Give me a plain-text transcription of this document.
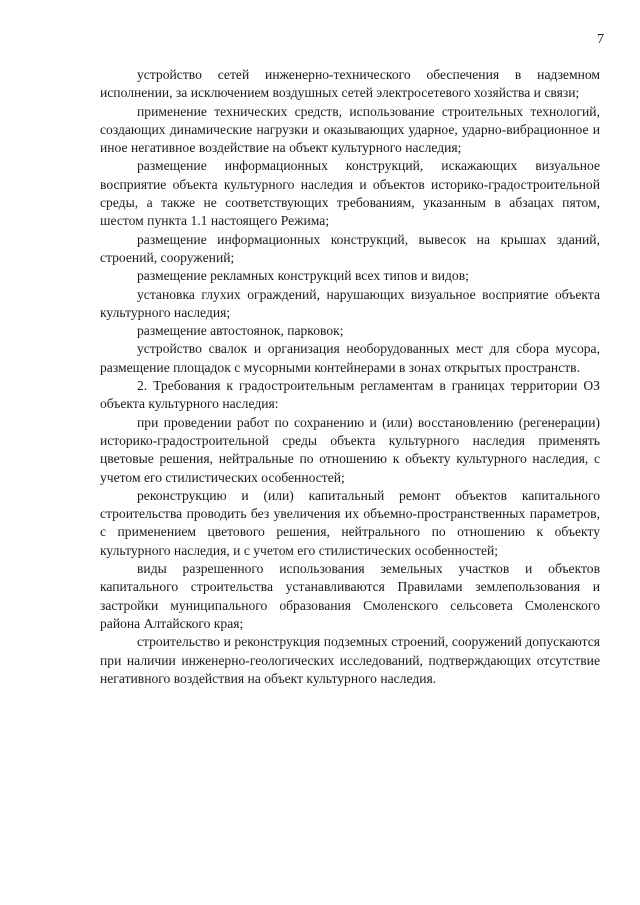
7

устройство сетей инженерно-технического обеспечения в надземном исполнении, за исключением воздушных сетей электросетевого хозяйства и связи;

применение технических средств, использование строительных технологий, создающих динамические нагрузки и оказывающих ударное, ударно-вибрационное и иное негативное воздействие на объект культурного наследия;

размещение информационных конструкций, искажающих визуальное восприятие объекта культурного наследия и объектов историко-градостроительной среды, а также не соответствующих требованиям, указанным в абзацах пятом, шестом пункта 1.1 настоящего Режима;

размещение информационных конструкций, вывесок на крышах зданий, строений, сооружений;

размещение рекламных конструкций всех типов и видов;

установка глухих ограждений, нарушающих визуальное восприятие объекта культурного наследия;

размещение автостоянок, парковок;

устройство свалок и организация необорудованных мест для сбора мусора, размещение площадок с мусорными контейнерами в зонах открытых пространств.

2. Требования к градостроительным регламентам в границах территории ОЗ объекта культурного наследия:

при проведении работ по сохранению и (или) восстановлению (регенерации) историко-градостроительной среды объекта культурного наследия применять цветовые решения, нейтральные по отношению к объекту культурного наследия, с учетом его стилистических особенностей;

реконструкцию и (или) капитальный ремонт объектов капитального строительства проводить без увеличения их объемно-пространственных параметров, с применением цветового решения, нейтрального по отношению к объекту культурного наследия, и с учетом его стилистических особенностей;

виды разрешенного использования земельных участков и объектов капитального строительства устанавливаются Правилами землепользования и застройки муниципального образования Смоленского сельсовета Смоленского района Алтайского края;

строительство и реконструкция подземных строений, сооружений допускаются при наличии инженерно-геологических исследований, подтверждающих отсутствие негативного воздействия на объект культурного наследия.
